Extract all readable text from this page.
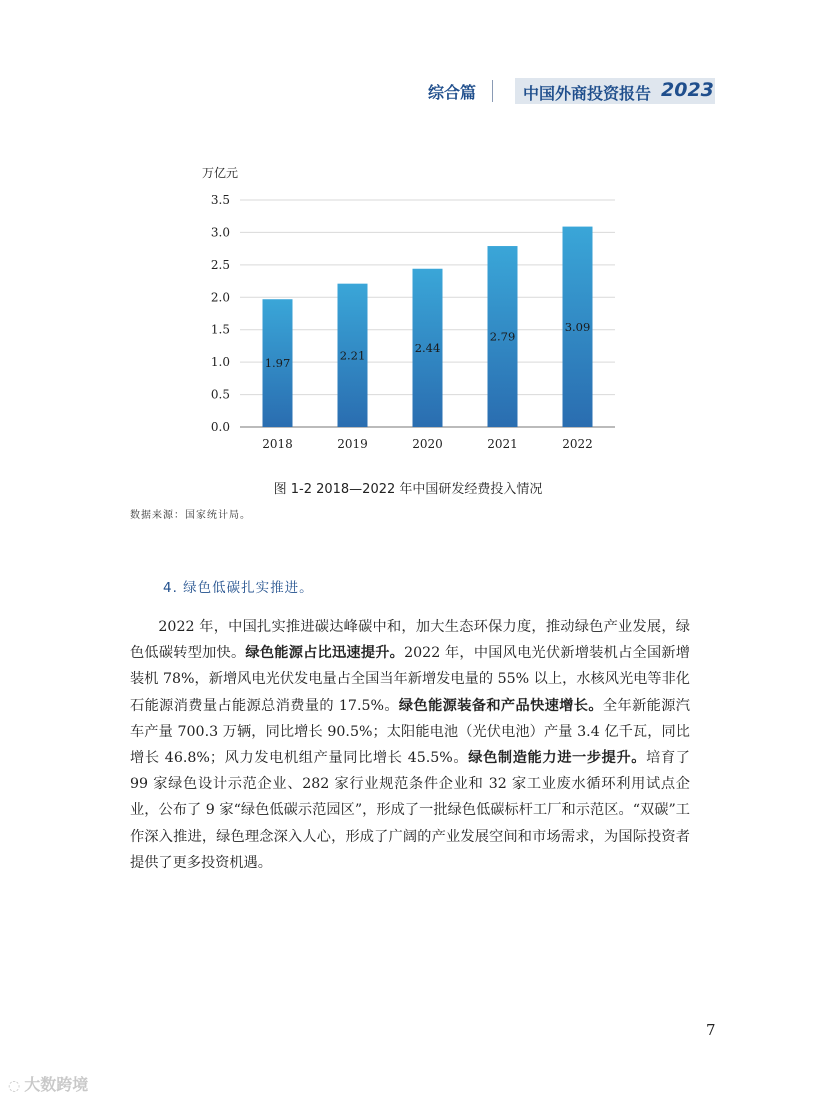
综合篇	中国外商投资报告 2023
万亿元
0.0
0.5
1.0
1.5
2.0
2.5
3.0
3.5
1.97
2.21
2.44
2.79
3.09
2018	2019	2020	2021	2022
图 1-2 2018—2022 年中国研发经费投入情况
数据来源：国家统计局。
4. 绿色低碳扎实推进。

2022 年，中国扎实推进碳达峰碳中和，加大生态环保力度，推动绿色产业发展，绿色低碳转型加快。绿色能源占比迅速提升。2022 年，中国风电光伏新增装机占全国新增装机 78%，新增风电光伏发电量占全国当年新增发电量的 55% 以上，水核风光电等非化石能源消费量占能源总消费量的 17.5%。绿色能源装备和产品快速增长。全年新能源汽车产量 700.3 万辆，同比增长 90.5%；太阳能电池（光伏电池）产量 3.4 亿千瓦，同比增长 46.8%；风力发电机组产量同比增长 45.5%。绿色制造能力进一步提升。培育了 99 家绿色设计示范企业、282 家行业规范条件企业和 32 家工业废水循环利用试点企业，公布了 9 家“绿色低碳示范园区”，形成了一批绿色低碳标杆工厂和示范区。“双碳”工作深入推进，绿色理念深入人心，形成了广阔的产业发展空间和市场需求，为国际投资者提供了更多投资机遇。

7
◌ 大数跨境
